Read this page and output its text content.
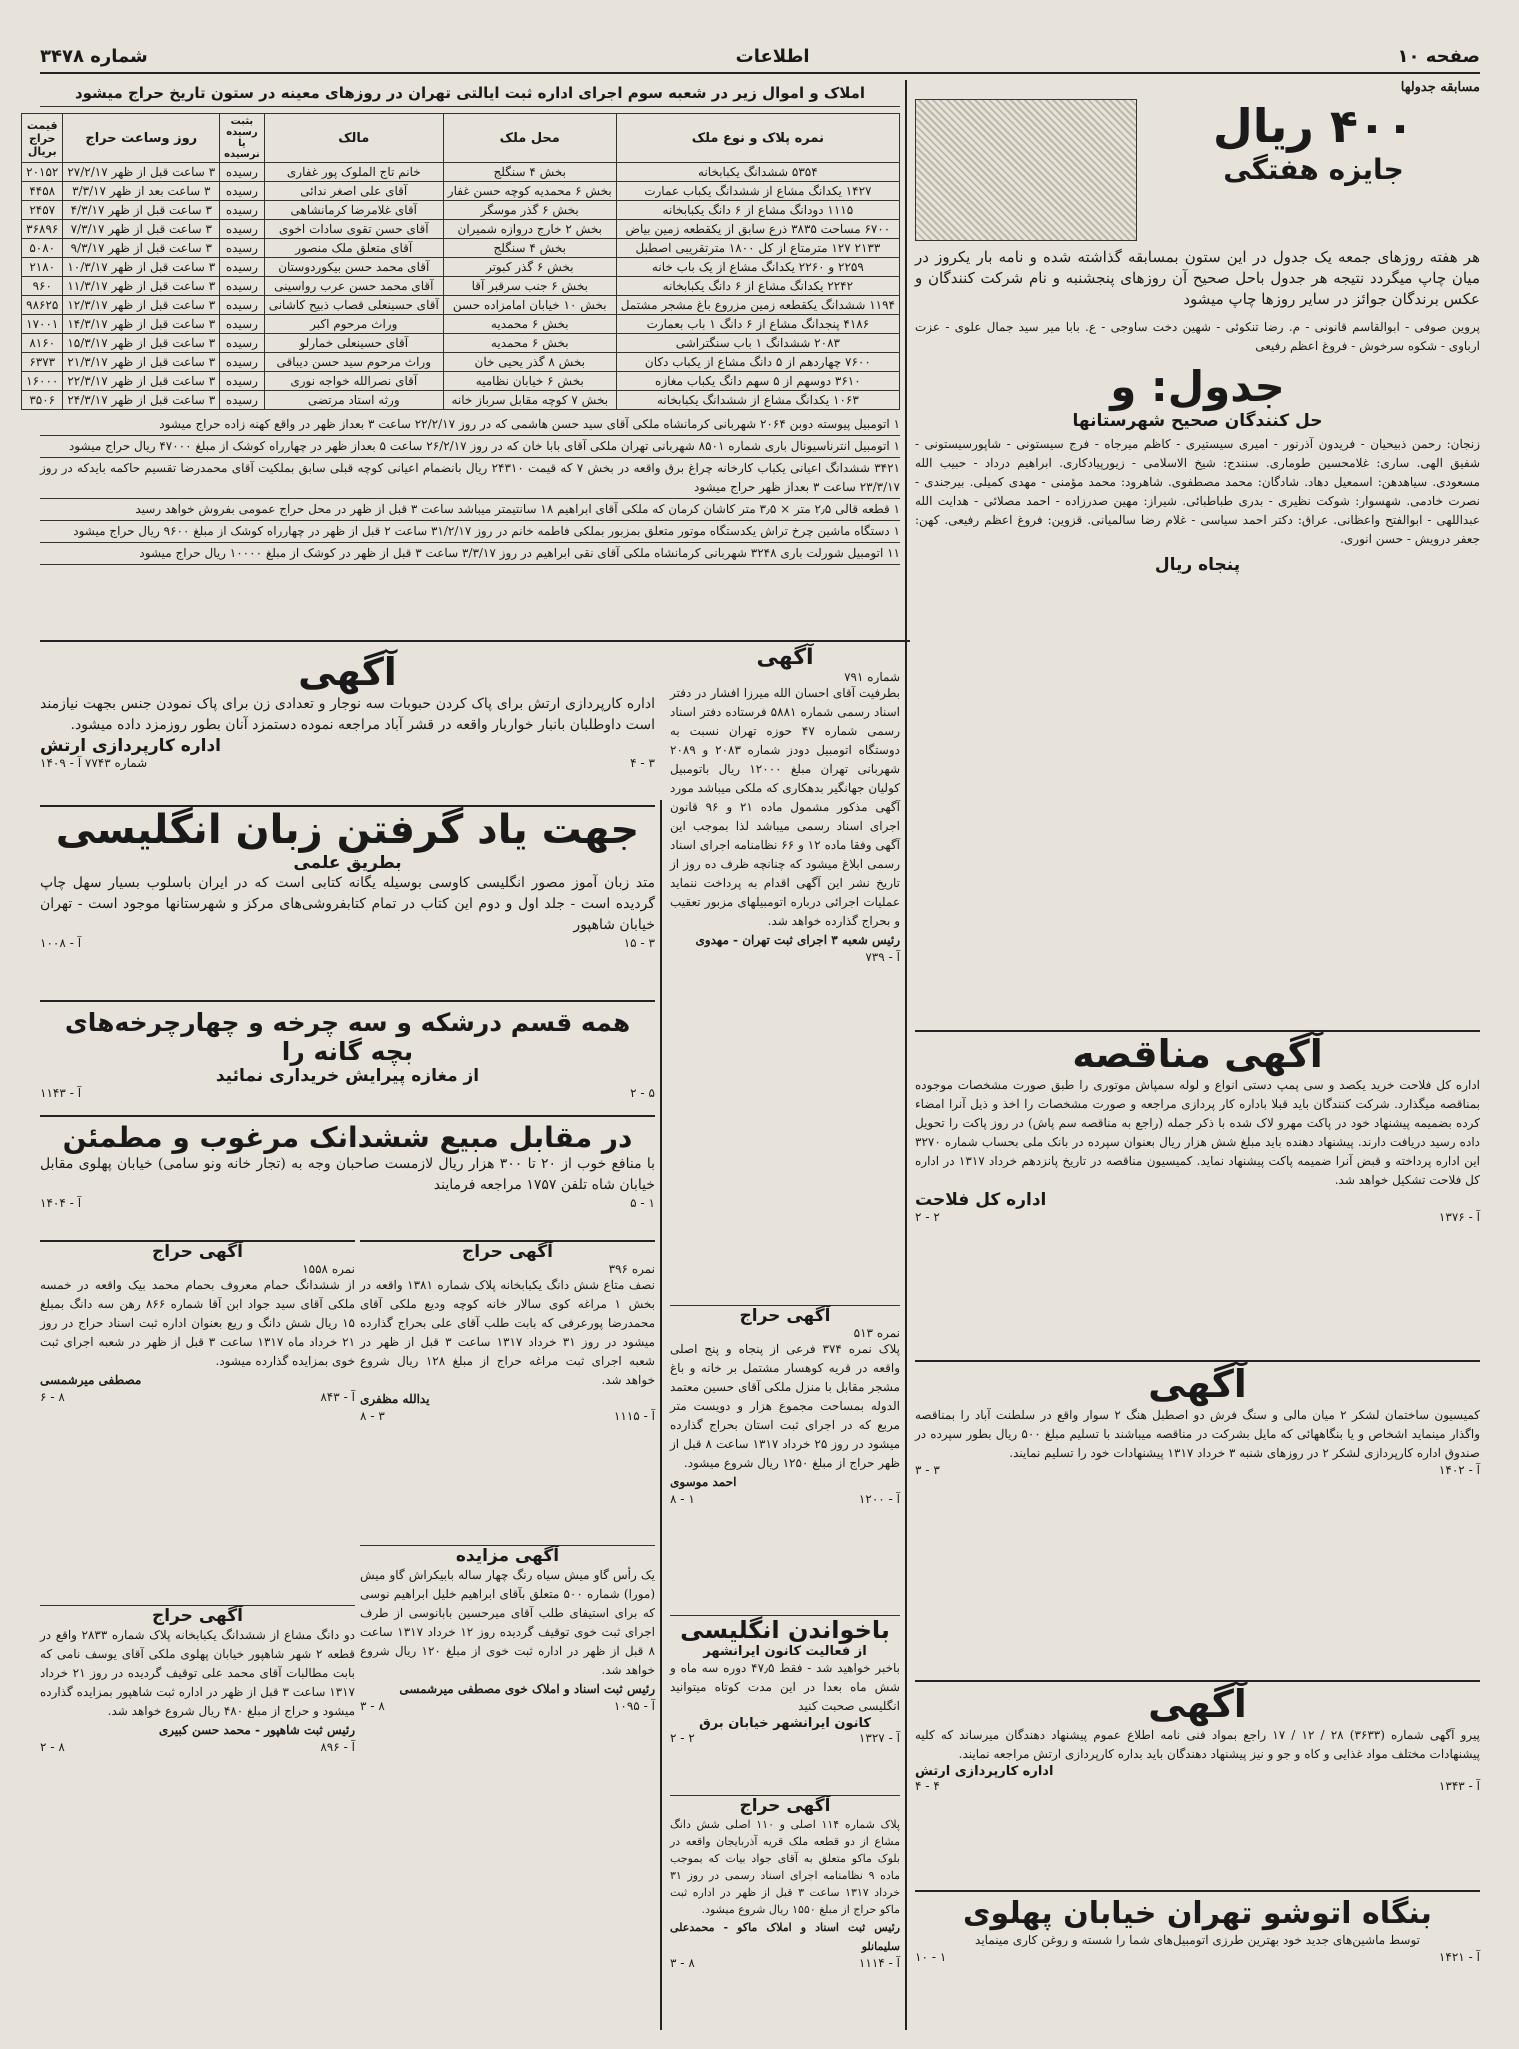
صفحه ۱۰
اطلاعات
شماره ۳۴۷۸
املاک و اموال زیر در شعبه سوم اجرای اداره ثبت ایالتی تهران در روزهای معینه در ستون تاریخ حراج میشود
نمره پلاک و نوع ملک	محل ملک	مالک	بثبت رسیده یا نرسیده	روز وساعت حراج	قیمت حراج بریال
۵۳۵۴ ششدانگ یکبابخانه	بخش ۴ سنگلج	خانم تاج الملوک پور غفاری	رسیده	۳ ساعت قبل از ظهر ۲۷/۲/۱۷	۲۰۱۵۲
۱۴۲۷ یکدانگ مشاع از ششدانگ یکباب عمارت	بخش ۶ محمدیه کوچه حسن غفار	آقای علی اصغر ندائی	رسیده	۳ ساعت بعد از ظهر ۳/۳/۱۷	۴۴۵۸
۱۱۱۵ دودانگ مشاع از ۶ دانگ یکبابخانه	بخش ۶ گذر موسگر	آقای غلامرضا کرمانشاهی	رسیده	۳ ساعت قبل از ظهر ۴/۳/۱۷	۲۴۵۷
۶۷۰۰ مساحت ۳۸۳۵ ذرع سابق از یکقطعه زمین بیاض	بخش ۲ خارج دروازه شمیران	آقای حسن تقوی سادات اخوی	رسیده	۳ ساعت قبل از ظهر ۷/۳/۱۷	۳۶۸۹۶
۲۱۳۳ ۱۲۷ مترمتاع از کل ۱۸۰۰ مترتقریبی اصطبل	بخش ۴ سنگلج	آقای متعلق ملک منصور	رسیده	۳ ساعت قبل از ظهر ۹/۳/۱۷	۵۰۸۰
۲۲۵۹ و ۲۲۶۰ یکدانگ مشاع از یک باب خانه	بخش ۶ گذر کبوتر	آقای محمد حسن بیکوردوستان	رسیده	۳ ساعت قبل از ظهر ۱۰/۳/۱۷	۲۱۸۰
۲۲۴۲ یکدانگ مشاع از ۶ دانگ یکبابخانه	بخش ۶ جنب سرقبر آقا	آقای محمد حسن عرب رواسینی	رسیده	۳ ساعت قبل از ظهر ۱۱/۳/۱۷	۹۶۰
۱۱۹۴ ششدانگ یکقطعه زمین مزروع باغ مشجر مشتمل	بخش ۱۰ خیابان امامزاده حسن	آقای حسینعلی قصاب ذبیح کاشانی	رسیده	۳ ساعت قبل از ظهر ۱۲/۳/۱۷	۹۸۶۲۵
۴۱۸۶ پنجدانگ مشاع از ۶ دانگ ۱ باب بعمارت	بخش ۶ محمدیه	وراث مرحوم اکبر	رسیده	۳ ساعت قبل از ظهر ۱۴/۳/۱۷	۱۷۰۰۱
۲۰۸۳ ششدانگ ۱ باب سنگتراشی	بخش ۶ محمدیه	آقای حسینعلی خمارلو	رسیده	۳ ساعت قبل از ظهر ۱۵/۳/۱۷	۸۱۶۰
۷۶۰۰ چهاردهم از ۵ دانگ مشاع از یکباب دکان	بخش ۸ گذر یحیی خان	وراث مرحوم سید حسن دیباقی	رسیده	۳ ساعت قبل از ظهر ۲۱/۳/۱۷	۶۳۷۳
۳۶۱۰ دوسهم از ۵ سهم دانگ یکباب مغازه	بخش ۶ خیابان نظامیه	آقای نصرالله خواجه نوری	رسیده	۳ ساعت قبل از ظهر ۲۲/۳/۱۷	۱۶۰۰۰
۱۰۶۳ یکدانگ مشاع از ششدانگ یکبابخانه	بخش ۷ کوچه مقابل سرباز خانه	ورثه استاد مرتضی	رسیده	۳ ساعت قبل از ظهر ۲۴/۳/۱۷	۳۵۰۶
۱ اتومبیل پیوسته دوبن ۲۰۶۴ شهربانی کرمانشاه ملکی آقای سید حسن هاشمی که در روز ۲۲/۲/۱۷ ساعت ۳ بعداز ظهر در واقع کهنه زاده حراج میشود
۱ اتومبیل انترناسیونال باری شماره ۸۵۰۱ شهربانی تهران ملکی آقای بابا خان که در روز ۲۶/۲/۱۷ ساعت ۵ بعداز ظهر در چهارراه کوشک از مبلغ ۴۷۰۰۰ ریال حراج میشود
۳۴۲۱ ششدانگ اعیانی یکباب کارخانه چراغ برق واقعه در بخش ۷ که قیمت ۲۴۳۱۰ ریال بانضمام اعیانی کوچه قبلی سابق بملکیت آقای محمدرضا تقسیم حاکمه بایدکه در روز ۲۳/۳/۱۷ ساعت ۳ بعداز ظهر حراج میشود
۱ قطعه قالی ۲٫۵ متر × ۳٫۵ متر کاشان کرمان که ملکی آقای ابراهیم ۱۸ سانتیمتر میباشد ساعت ۳ قبل از ظهر در محل حراج عمومی بفروش خواهد رسید
۱ دستگاه ماشین چرخ تراش یکدستگاه موتور متعلق بمزبور بملکی فاطمه خانم در روز ۳۱/۲/۱۷ ساعت ۲ قبل از ظهر در چهارراه کوشک از مبلغ ۹۶۰۰ ریال حراج میشود
۱۱ اتومبیل شورلت باری ۳۲۴۸ شهربانی کرمانشاه ملکی آقای نقی ابراهیم در روز ۳/۳/۱۷ ساعت ۳ قبل از ظهر در کوشک از مبلغ ۱۰۰۰۰ ریال حراج میشود
مسابقه جدولها
۴۰۰ ریال
جایزه هفتگی
هر هفته روزهای جمعه یک جدول در این ستون بمسابقه گذاشته شده و نامه بار یکروز در میان چاپ میگردد نتیجه هر جدول باحل صحیح آن روزهای پنجشنبه و نام شرکت کنندگان و عکس برندگان جوائز در سایر روزها چاپ میشود
پروین صوفی - ابوالقاسم قانونی - م. رضا تنکوئی - شهین دخت ساوجی - ع. بابا میر سید جمال علوی - عزت ارباوی - شکوه سرخوش - فروغ اعظم رفیعی
جدول: و
حل کنندگان صحیح شهرستانها
زنجان: رحمن ذبیحیان - فریدون آذرنور - امیری سیستیری - کاظم میرجاه - فرج سیستونی - شاپورسیستونی - شفیق الهی. ساری: غلامحسین طوماری. سنندج: شیخ الاسلامی - زیورپیادکاری. ابراهیم درداد - حبیب الله مسعودی. سیاهدهن: اسمعیل دهاد. شادگان: محمد مصطفوی. شاهرود: محمد مؤمنی - مهدی کمیلی. بیرجندی - نصرت خادمی. شهسوار: شوکت نظیری - بدری طباطبائی. شیراز: مهین صدرزاده - احمد مصلائی - هدایت الله عبداللهی - ابوالفتح واعظانی. عراق: دکتر احمد سیاسی - غلام رضا سالمیانی. قزوین: فروغ اعظم رفیعی. کهن: جعفر درویش - حسن انوری.
پنجاه ریال
آگهی مناقصه
اداره کل فلاحت خرید یکصد و سی پمپ دستی انواع و لوله سمپاش موتوری را طبق صورت مشخصات موجوده بمناقصه میگذارد. شرکت کنندگان باید قبلا باداره کار پردازی مراجعه و صورت مشخصات را اخذ و ذیل آنرا امضاء کرده بضمیمه پیشنهاد خود در پاکت مهرو لاک شده با ذکر جمله (راجع به مناقصه سم پاش) در روز پاکت را تحویل داده رسید دریافت دارند. پیشنهاد دهنده باید مبلغ شش هزار ریال بعنوان سپرده در بانک ملی بحساب شماره ۳۲۷۰ این اداره پرداخته و قبض آنرا ضمیمه پاکت پیشنهاد نماید. کمیسیون مناقصه در تاریخ پانزدهم خرداد ۱۳۱۷ در اداره کل فلاحت تشکیل خواهد شد.
اداره کل فلاحت
آ - ۱۳۷۶
۲ - ۲
آگهی
کمیسیون ساختمان لشکر ۲ میان مالی و سنگ فرش دو اصطبل هنگ ۲ سوار واقع در سلطنت آباد را بمناقصه واگذار مینماید اشخاص و یا بنگاههائی که مایل بشرکت در مناقصه میباشند با تسلیم مبلغ ۵۰۰ ریال بطور سپرده در صندوق اداره کارپردازی لشکر ۲ در روزهای شنبه ۳ خرداد ۱۳۱۷ پیشنهادات خود را تسلیم نمایند.
آ - ۱۴۰۲
۳ - ۳
آگهی
پیرو آگهی شماره (۳۶۳۳) ۲۸ / ۱۲ / ۱۷ راجع بمواد فنی نامه اطلاع عموم پیشنهاد دهندگان میرساند که کلیه پیشنهادات مختلف مواد غذایی و کاه و جو و نیز پیشنهاد دهندگان باید بداره کارپردازی ارتش مراجعه نمایند.
اداره کارپردازی ارتش
آ - ۱۳۴۳
۴ - ۴
بنگاه اتوشو تهران خیابان پهلوی
توسط ماشین‌های جدید خود بهترین طرزی اتومبیل‌های شما را شسته و روغن کاری مینماید
آ - ۱۴۲۱
۱ - ۱۰
آگهی
شماره ۷۹۱
بطرفیت آقای احسان الله میرزا افشار در دفتر اسناد رسمی شماره ۵۸۸۱ فرستاده دفتر اسناد رسمی شماره ۴۷ حوزه تهران نسبت به دوستگاه اتومبیل دودز شماره ۲۰۸۳ و ۲۰۸۹ شهربانی تهران مبلغ ۱۲۰۰۰ ریال باتومبیل کولیان جهانگیر بدهکاری که ملکی میباشد مورد آگهی مذکور مشمول ماده ۲۱ و ۹۶ قانون اجرای اسناد رسمی میباشد لذا بموجب این آگهی وفقا ماده ۱۲ و ۶۶ نظامنامه اجرای اسناد رسمی ابلاغ میشود که چنانچه ظرف ده روز از تاریخ نشر این آگهی اقدام به پرداخت ننماید عملیات اجرائی درباره اتومبیلهای مزبور تعقیب و بحراج گذارده خواهد شد.
رئیس شعبه ۳ اجرای ثبت تهران - مهدوی
آ - ۷۳۹
آگهی حراج
نمره ۵۱۳
پلاک نمره ۳۷۴ فرعی از پنجاه و پنج اصلی واقعه در قریه کوهسار مشتمل بر خانه و باغ مشجر مقابل با منزل ملکی آقای حسین معتمد الدوله بمساحت مجموع هزار و دویست متر مربع که در اجرای ثبت استان بحراج گذارده میشود در روز ۲۵ خرداد ۱۳۱۷ ساعت ۸ قبل از ظهر حراج از مبلغ ۱۲۵۰ ریال شروع میشود.
احمد موسوی
آ - ۱۲۰۰
۱ - ۸
باخواندن انگلیسی
از فعالیت کانون ایرانشهر
باخبر خواهید شد - فقط ۴۷٫۵ دوره سه ماه و شش ماه بعدا در این مدت کوتاه میتوانید انگلیسی صحبت کنید
کانون ایرانشهر خیابان برق
آ - ۱۳۲۷
۲ - ۲
آگهی حراج
پلاک شماره ۱۱۴ اصلی و ۱۱۰ اصلی شش دانگ مشاع از دو قطعه ملک قریه آذربایجان واقعه در بلوک ماکو متعلق به آقای جواد بیات که بموجب ماده ۹ نظامنامه اجرای اسناد رسمی در روز ۳۱ خرداد ۱۳۱۷ ساعت ۳ قبل از ظهر در اداره ثبت ماکو حراج از مبلغ ۱۵۵۰ ریال شروع میشود.
رئیس ثبت اسناد و املاک ماکو - محمدعلی سلیمانلو
آ - ۱۱۱۴
۸ - ۳
آگهی
اداره کارپردازی ارتش برای پاک کردن حبوبات سه نوجار و تعدادی زن برای پاک نمودن جنس بجهت نیازمند است داوطلبان بانبار خواربار واقعه در قشر آباد مراجعه نموده دستمزد آنان بطور روزمزد داده میشود.
اداره کارپردازی ارتش
۳ - ۴
شماره ۷۷۴۳ آ - ۱۴۰۹
جهت یاد گرفتن زبان انگلیسی
بطریق علمی
متد زبان آموز مصور انگلیسی کاوسی بوسیله یگانه کتابی است که در ایران باسلوب بسیار سهل چاپ گردیده است - جلد اول و دوم این کتاب در تمام کتابفروشی‌های مرکز و شهرستانها موجود است - تهران خیابان شاهپور
۳ - ۱۵
آ - ۱۰۰۸
همه قسم درشکه و سه چرخه و چهارچرخه‌های بچه گانه را
از مغازه پیرایش خریداری نمائید
۵ - ۲
آ - ۱۱۴۳
در مقابل مبیع ششدانک مرغوب و مطمئن
با منافع خوب از ۲۰ تا ۳۰۰ هزار ریال لازمست صاحبان وجه به (تجار خانه ونو سامی) خیابان پهلوی مقابل خیابان شاه تلفن ۱۷۵۷ مراجعه فرمایند
۱ - ۵
آ - ۱۴۰۴
آگهی حراج
نمره ۳۹۶
نصف متاع شش دانگ یکبابخانه پلاک شماره ۱۳۸۱ واقعه در بخش ۱ مراغه کوی سالار خانه کوچه ودیع ملکی آقای محمدرضا پورعرفی که بابت طلب آقای علی بحراج گذارده میشود در روز ۳۱ خرداد ۱۳۱۷ ساعت ۳ قبل از ظهر در شعبه اجرای ثبت مراغه حراج از مبلغ ۱۲۸ ریال شروع خواهد شد.
یدالله مظفری
آ - ۱۱۱۵
۳ - ۸
آگهی حراج
نمره ۱۵۵۸
از ششدانگ حمام معروف بحمام محمد بیک واقعه در خمسه ملکی آقای سید جواد ابن آقا شماره ۸۶۶ رهن سه دانگ بمبلغ ۱۵ ریال شش دانگ و ریع بعنوان اداره ثبت اسناد حراج در روز ۲۱ خرداد ماه ۱۳۱۷ ساعت ۳ قبل از ظهر در شعبه اجرای ثبت خوی بمزایده گذارده میشود.
مصطفی میرشمسی
آ - ۸۴۳
۸ - ۶
آگهی مزایده
یک رأس گاو میش سیاه رنگ چهار ساله بابیکراش گاو میش (مورا) شماره ۵۰۰ متعلق بآقای ابراهیم خلیل ابراهیم نوسی که برای استیفای طلب آقای میرحسین بابانوسی از طرف اجرای ثبت خوی توقیف گردیده روز ۱۲ خرداد ۱۳۱۷ ساعت ۸ قبل از ظهر در اداره ثبت خوی از مبلغ ۱۲۰ ریال شروع خواهد شد.
رئیس ثبت اسناد و املاک خوی مصطفی میرشمسی
آ - ۱۰۹۵
۸ - ۳
آگهی حراج
دو دانگ مشاع از ششدانگ یکبابخانه پلاک شماره ۲۸۳۳ واقع در قطعه ۲ شهر شاهپور خیابان پهلوی ملکی آقای یوسف نامی که بابت مطالبات آقای محمد علی توقیف گردیده در روز ۲۱ خرداد ۱۳۱۷ ساعت ۳ قبل از ظهر در اداره ثبت شاهپور بمزایده گذارده میشود و حراج از مبلغ ۴۸۰ ریال شروع خواهد شد.
رئیس ثبت شاهپور - محمد حسن کبیری
آ - ۸۹۶
۸ - ۲
